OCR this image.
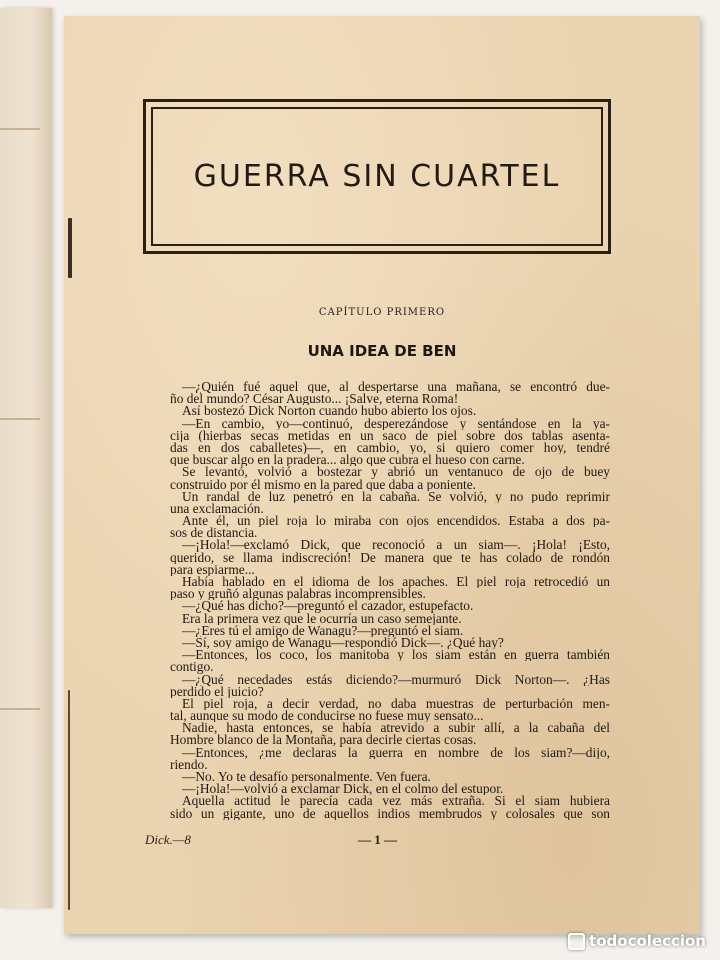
GUERRA SIN CUARTEL
CAPÍTULO PRIMERO
UNA IDEA DE BEN
—¿Quién fué aquel que, al despertarse una mañana, se encontró due-
ño del mundo? César Augusto... ¡Salve, eterna Roma!
Así bostezó Dick Norton cuando hubo abierto los ojos.
—En cambio, yo—continuó, desperezándose y sentándose en la ya-
cija (hierbas secas metidas en un saco de piel sobre dos tablas asenta-
das en dos caballetes)—, en cambio, yo, si quiero comer hoy, tendré
que buscar algo en la pradera... algo que cubra el hueso con carne.
Se levantó, volvió a bostezar y abrió un ventanuco de ojo de buey
construido por él mismo en la pared que daba a poniente.
Un randal de luz penetró en la cabaña. Se volvió, y no pudo reprimir
una exclamación.
Ante él, un piel roja lo miraba con ojos encendidos. Estaba a dos pa-
sos de distancia.
—¡Hola!—exclamó Dick, que reconoció a un siam—. ¡Hola! ¡Esto,
querido, se llama indiscreción! De manera que te has colado de rondón
para espiarme...
Había hablado en el idioma de los apaches. El piel roja retrocedió un
paso y gruñó algunas palabras incomprensibles.
—¿Qué has dicho?—preguntó el cazador, estupefacto.
Era la primera vez que le ocurría un caso semejante.
—¿Eres tú el amigo de Wanagu?—preguntó el siam.
—Sí, soy amigo de Wanagu—respondió Dick—. ¿Qué hay?
—Entonces, los coco, los manitoba y los siam están en guerra también
contigo.
—¿Qué necedades estás diciendo?—murmuró Dick Norton—. ¿Has
perdido el juicio?
El piel roja, a decir verdad, no daba muestras de perturbación men-
tal, aunque su modo de conducirse no fuese muy sensato...
Nadie, hasta entonces, se había atrevido a subir allí, a la cabaña del
Hombre blanco de la Montaña, para decirle ciertas cosas.
—Entonces, ¿me declaras la guerra en nombre de los siam?—dijo,
riendo.
—No. Yo te desafío personalmente. Ven fuera.
—¡Hola!—volvió a exclamar Dick, en el colmo del estupor.
Aquella actitud le parecía cada vez más extraña. Si el siam hubiera
sido un gigante, uno de aquellos indios membrudos y colosales que son
Dick.—8	— 1 —
todocoleccion
